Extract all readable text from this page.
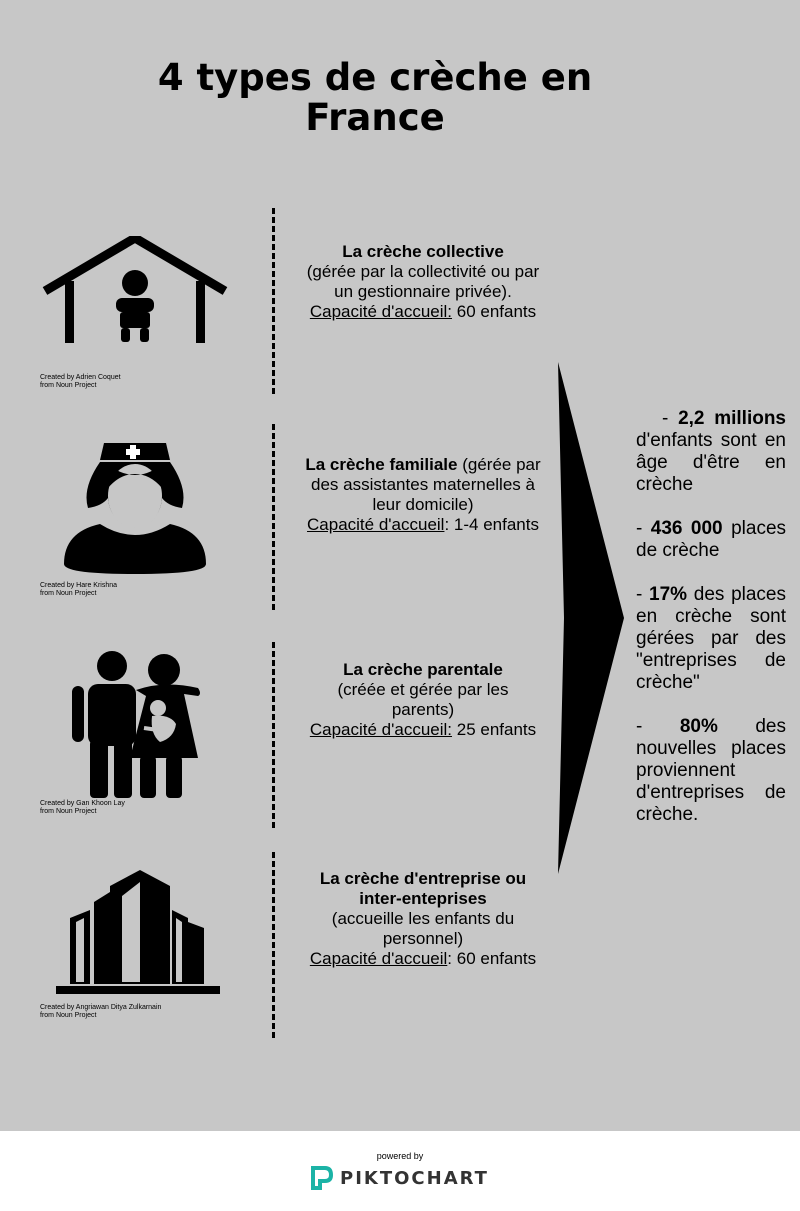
4 types de crèche en France
Created by Adrien Coquet
from Noun Project
La crèche collective
(gérée par la collectivité ou par un gestionnaire privée).
Capacité d'accueil: 60 enfants
Created by Hare Krishna
from Noun Project
La crèche familiale (gérée par des assistantes maternelles à leur domicile)
Capacité d'accueil: 1-4 enfants
Created by Gan Khoon Lay
from Noun Project
La crèche parentale
(créée et gérée par les parents)
Capacité d'accueil: 25 enfants
Created by Angriawan Ditya Zulkarnain
from Noun Project
La crèche d'entreprise ou inter-enteprises
(accueille les enfants du personnel)
Capacité d'accueil: 60 enfants
- 2,2 millions d'enfants sont en âge d'être en crèche
- 436 000 places de crèche
- 17% des places en crèche sont gérées par des "entreprises de crèche"
- 80% des nouvelles places proviennent d'entreprises de crèche.
powered by
PIKTOCHART
